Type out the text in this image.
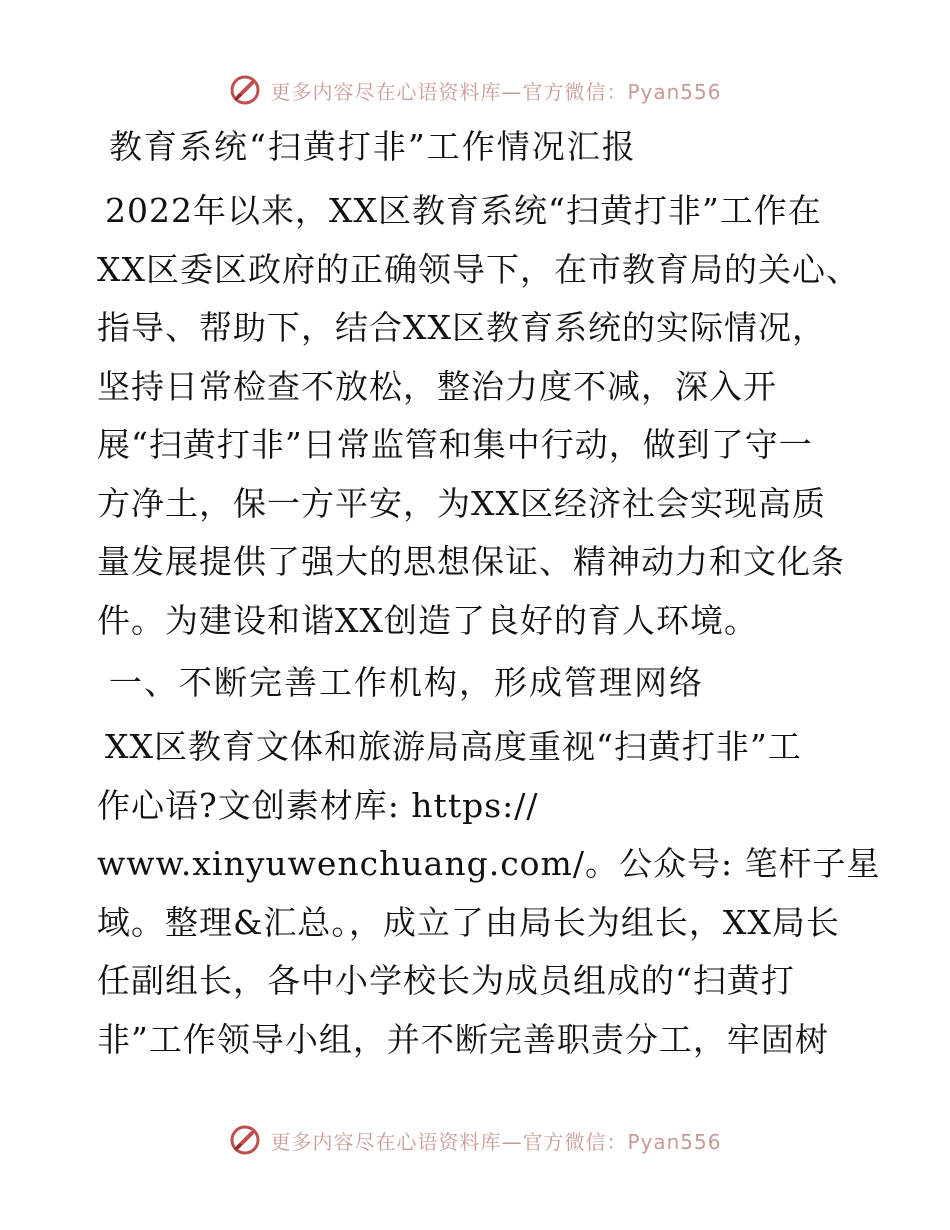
更多内容尽在心语资料库—官方微信：Pyan556

教育系统“扫黄打非”工作情况汇报

2022年以来，XX区教育系统“扫黄打非”工作在
XX区委区政府的正确领导下，在市教育局的关心、
指导、帮助下，结合XX区教育系统的实际情况，
坚持日常检查不放松，整治力度不减，深入开
展“扫黄打非”日常监管和集中行动，做到了守一
方净土，保一方平安，为XX区经济社会实现高质
量发展提供了强大的思想保证、精神动力和文化条
件。为建设和谐XX创造了良好的育人环境。

一、不断完善工作机构，形成管理网络

XX区教育文体和旅游局高度重视“扫黄打非”工
作心语?文创素材库: https://
www.xinyuwenchuang.com/。公众号: 笔杆子星
域。整理&汇总。，成立了由局长为组长，XX局长
任副组长，各中小学校长为成员组成的“扫黄打
非”工作领导小组，并不断完善职责分工，牢固树

更多内容尽在心语资料库—官方微信：Pyan556
